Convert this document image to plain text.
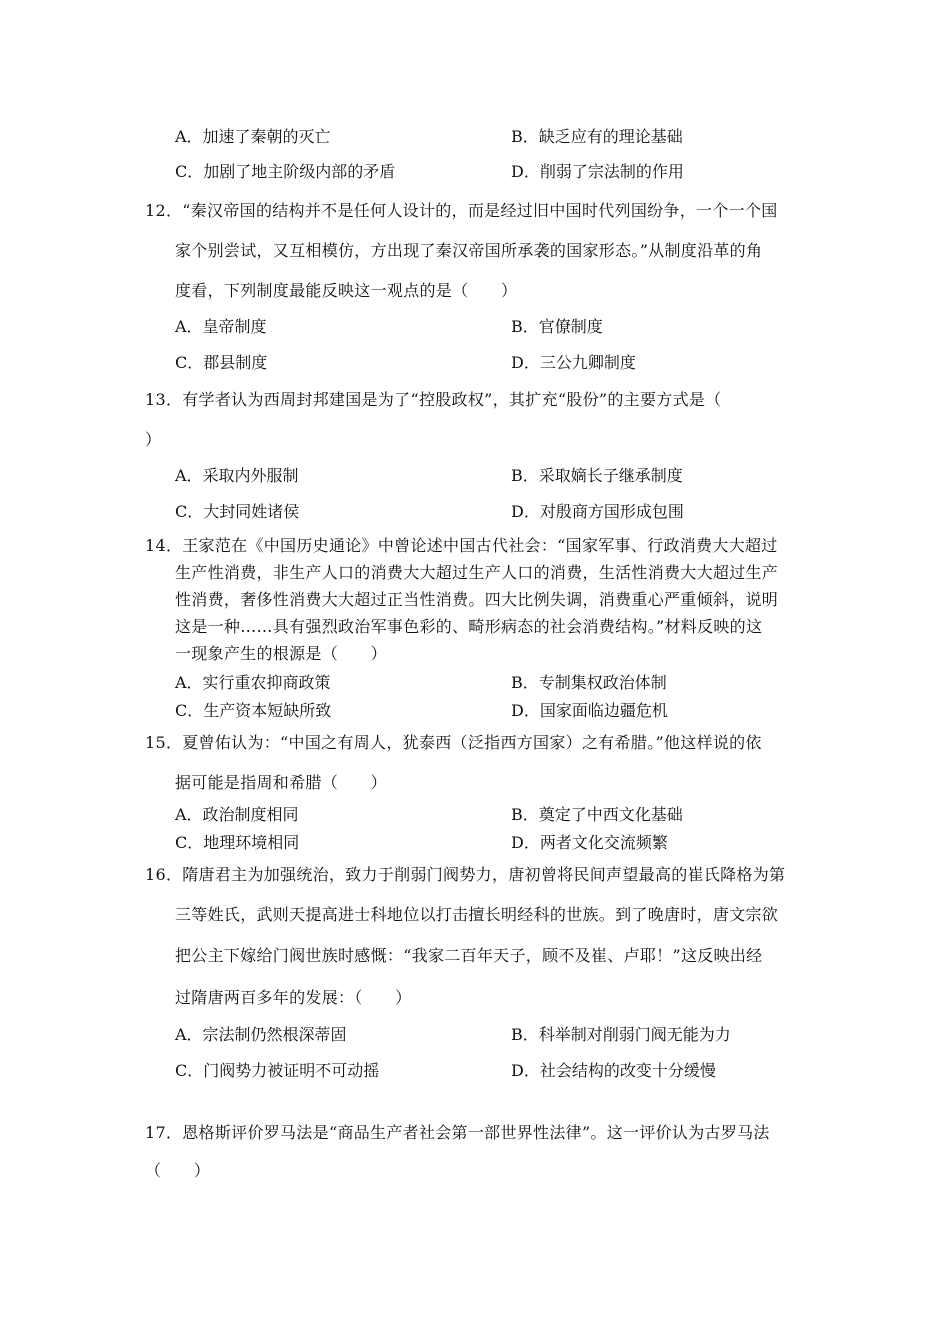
A．加速了秦朝的灭亡	B．缺乏应有的理论基础
C．加剧了地主阶级内部的矛盾	D．削弱了宗法制的作用
12．“秦汉帝国的结构并不是任何人设计的，而是经过旧中国时代列国纷争，一个一个国
家个别尝试，又互相模仿，方出现了秦汉帝国所承袭的国家形态。”从制度沿革的角
度看，下列制度最能反映这一观点的是（　　）
A．皇帝制度	B．官僚制度
C．郡县制度	D．三公九卿制度
13．有学者认为西周封邦建国是为了“控股政权”，其扩充“股份”的主要方式是（
）
A．采取内外服制	B．采取嫡长子继承制度
C．大封同姓诸侯	D．对殷商方国形成包围
14．王家范在《中国历史通论》中曾论述中国古代社会：“国家军事、行政消费大大超过
生产性消费，非生产人口的消费大大超过生产人口的消费，生活性消费大大超过生产
性消费，奢侈性消费大大超过正当性消费。四大比例失调，消费重心严重倾斜，说明
这是一种……具有强烈政治军事色彩的、畸形病态的社会消费结构。”材料反映的这
一现象产生的根源是（　　）
A．实行重农抑商政策	B．专制集权政治体制
C．生产资本短缺所致	D．国家面临边疆危机
15．夏曾佑认为：“中国之有周人，犹泰西（泛指西方国家）之有希腊。”他这样说的依
据可能是指周和希腊（　　）
A．政治制度相同	B．奠定了中西文化基础
C．地理环境相同	D．两者文化交流频繁
16．隋唐君主为加强统治，致力于削弱门阀势力，唐初曾将民间声望最高的崔氏降格为第
三等姓氏，武则天提高进士科地位以打击擅长明经科的世族。到了晚唐时，唐文宗欲
把公主下嫁给门阀世族时感慨：“我家二百年天子，顾不及崔、卢耶！”这反映出经
过隋唐两百多年的发展：（　　）
A．宗法制仍然根深蒂固	B．科举制对削弱门阀无能为力
C．门阀势力被证明不可动摇	D．社会结构的改变十分缓慢
17．恩格斯评价罗马法是“商品生产者社会第一部世界性法律”。这一评价认为古罗马法
（　　）
